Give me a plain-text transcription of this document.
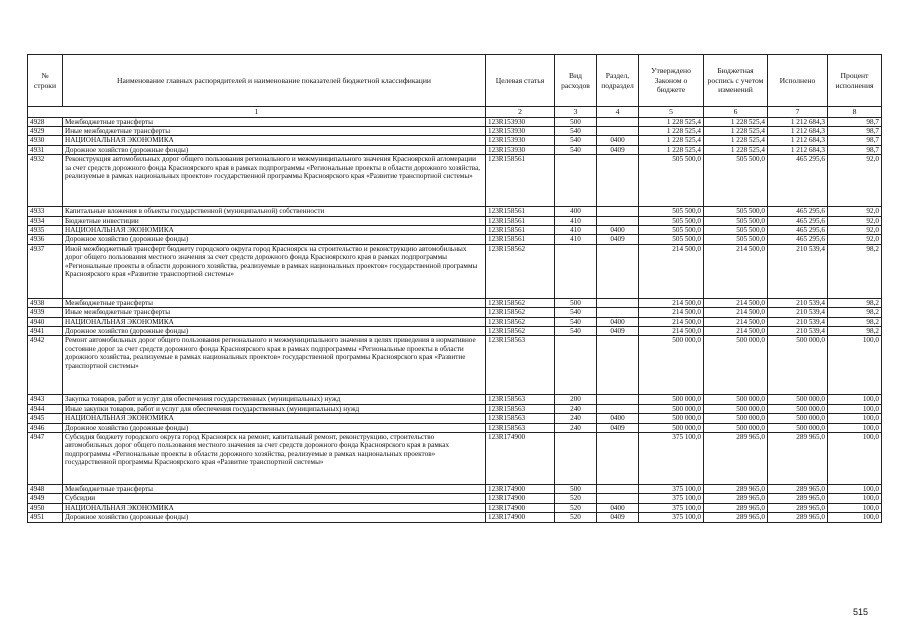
№ строки	Наименование главных распорядителей и наименование показателей бюджетной классификации	Целевая статья	Вид расходов	Раздел, подраздел	Утверждено Законом о бюджете	Бюджетная роспись с учетом изменений	Исполнено	Процент исполнения
1		2	3	4	5	6	7	8
4928	Межбюджетные трансферты	123R153930	500		1 228 525,4	1 228 525,4	1 212 684,3	98,7
4929	Иные межбюджетные трансферты	123R153930	540		1 228 525,4	1 228 525,4	1 212 684,3	98,7
4930	НАЦИОНАЛЬНАЯ ЭКОНОМИКА	123R153930	540	0400	1 228 525,4	1 228 525,4	1 212 684,3	98,7
4931	Дорожное хозяйство (дорожные фонды)	123R153930	540	0409	1 228 525,4	1 228 525,4	1 212 684,3	98,7
4932	Реконструкция автомобильных дорог общего пользования регионального и межмуниципального значения Красноярской агломерации за счет средств дорожного фонда Красноярского края в рамках подпрограммы «Региональные проекты в области дорожного хозяйства, реализуемые в рамках национальных проектов» государственной программы Красноярского края «Развитие транспортной системы»	123R158561			505 500,0	505 500,0	465 295,6	92,0
4933	Капитальные вложения в объекты государственной (муниципальной) собственности	123R158561	400		505 500,0	505 500,0	465 295,6	92,0
4934	Бюджетные инвестиции	123R158561	410		505 500,0	505 500,0	465 295,6	92,0
4935	НАЦИОНАЛЬНАЯ ЭКОНОМИКА	123R158561	410	0400	505 500,0	505 500,0	465 295,6	92,0
4936	Дорожное хозяйство (дорожные фонды)	123R158561	410	0409	505 500,0	505 500,0	465 295,6	92,0
4937	Иной межбюджетный трансферт бюджету городского округа город Красноярск на строительство и реконструкцию автомобильных дорог общего пользования местного значения за счет средств дорожного фонда Красноярского края в рамках подпрограммы «Региональные проекты в области дорожного хозяйства, реализуемые в рамках национальных проектов» государственной программы Красноярского края «Развитие транспортной системы»	123R158562			214 500,0	214 500,0	210 539,4	98,2
4938	Межбюджетные трансферты	123R158562	500		214 500,0	214 500,0	210 539,4	98,2
4939	Иные межбюджетные трансферты	123R158562	540		214 500,0	214 500,0	210 539,4	98,2
4940	НАЦИОНАЛЬНАЯ ЭКОНОМИКА	123R158562	540	0400	214 500,0	214 500,0	210 539,4	98,2
4941	Дорожное хозяйство (дорожные фонды)	123R158562	540	0409	214 500,0	214 500,0	210 539,4	98,2
4942	Ремонт автомобильных дорог общего пользования регионального и межмуниципального значения в целях приведения в нормативное состояние дорог за счет средств дорожного фонда Красноярского края в рамках подпрограммы «Региональные проекты в области дорожного хозяйства, реализуемые в рамках национальных проектов» государственной программы Красноярского края «Развитие транспортной системы»	123R158563			500 000,0	500 000,0	500 000,0	100,0
4943	Закупка товаров, работ и услуг для обеспечения государственных (муниципальных) нужд	123R158563	200		500 000,0	500 000,0	500 000,0	100,0
4944	Иные закупки товаров, работ и услуг для обеспечения государственных (муниципальных) нужд	123R158563	240		500 000,0	500 000,0	500 000,0	100,0
4945	НАЦИОНАЛЬНАЯ ЭКОНОМИКА	123R158563	240	0400	500 000,0	500 000,0	500 000,0	100,0
4946	Дорожное хозяйство (дорожные фонды)	123R158563	240	0409	500 000,0	500 000,0	500 000,0	100,0
4947	Субсидия бюджету городского округа город Красноярск на ремонт, капитальный ремонт, реконструкцию, строительство автомобильных дорог общего пользования местного значения за счет средств дорожного фонда Красноярского края в рамках подпрограммы «Региональные проекты в области дорожного хозяйства, реализуемые в рамках национальных проектов» государственной программы Красноярского края «Развитие транспортной системы»	123R174900			375 100,0	289 965,0	289 965,0	100,0
4948	Межбюджетные трансферты	123R174900	500		375 100,0	289 965,0	289 965,0	100,0
4949	Субсидии	123R174900	520		375 100,0	289 965,0	289 965,0	100,0
4950	НАЦИОНАЛЬНАЯ ЭКОНОМИКА	123R174900	520	0400	375 100,0	289 965,0	289 965,0	100,0
4951	Дорожное хозяйство (дорожные фонды)	123R174900	520	0409	375 100,0	289 965,0	289 965,0	100,0
515
